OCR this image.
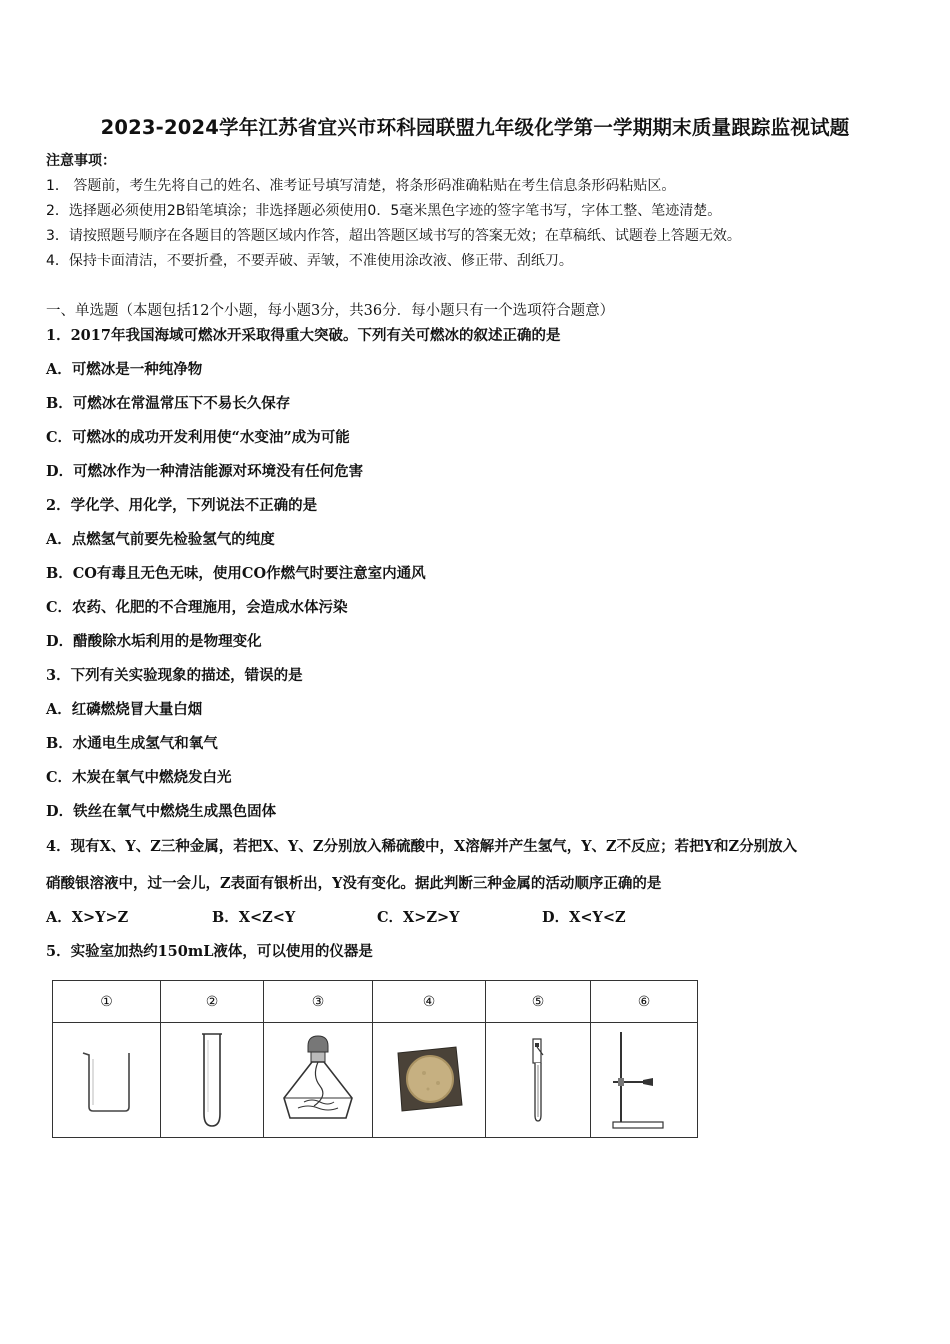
2023-2024学年江苏省宜兴市环科园联盟九年级化学第一学期期末质量跟踪监视试题
注意事项：
1． 答题前，考生先将自己的姓名、准考证号填写清楚，将条形码准确粘贴在考生信息条形码粘贴区。
2．选择题必须使用2B铅笔填涂；非选择题必须使用0．5毫米黑色字迹的签字笔书写，字体工整、笔迹清楚。
3．请按照题号顺序在各题目的答题区域内作答，超出答题区域书写的答案无效；在草稿纸、试题卷上答题无效。
4．保持卡面清洁，不要折叠，不要弄破、弄皱，不准使用涂改液、修正带、刮纸刀。
一、单选题（本题包括12个小题，每小题3分，共36分．每小题只有一个选项符合题意）
1．2017年我国海域可燃冰开采取得重大突破。下列有关可燃冰的叙述正确的是
A．可燃冰是一种纯净物
B．可燃冰在常温常压下不易长久保存
C．可燃冰的成功开发利用使“水变油”成为可能
D．可燃冰作为一种清洁能源对环境没有任何危害
2．学化学、用化学，下列说法不正确的是
A．点燃氢气前要先检验氢气的纯度
B．CO有毒且无色无味，使用CO作燃气时要注意室内通风
C．农药、化肥的不合理施用，会造成水体污染
D．醋酸除水垢利用的是物理变化
3．下列有关实验现象的描述，错误的是
A．红磷燃烧冒大量白烟
B．水通电生成氢气和氧气
C．木炭在氧气中燃烧发白光
D．铁丝在氧气中燃烧生成黑色固体
4．现有X、Y、Z三种金属，若把X、Y、Z分别放入稀硫酸中，X溶解并产生氢气，Y、Z不反应；若把Y和Z分别放入
硝酸银溶液中，过一会儿，Z表面有银析出，Y没有变化。据此判断三种金属的活动顺序正确的是
A．X>Y>Z	B．X<Z<Y	C．X>Z>Y	D．X<Y<Z
5．实验室加热约150mL液体，可以使用的仪器是
①	②	③	④	⑤	⑥
